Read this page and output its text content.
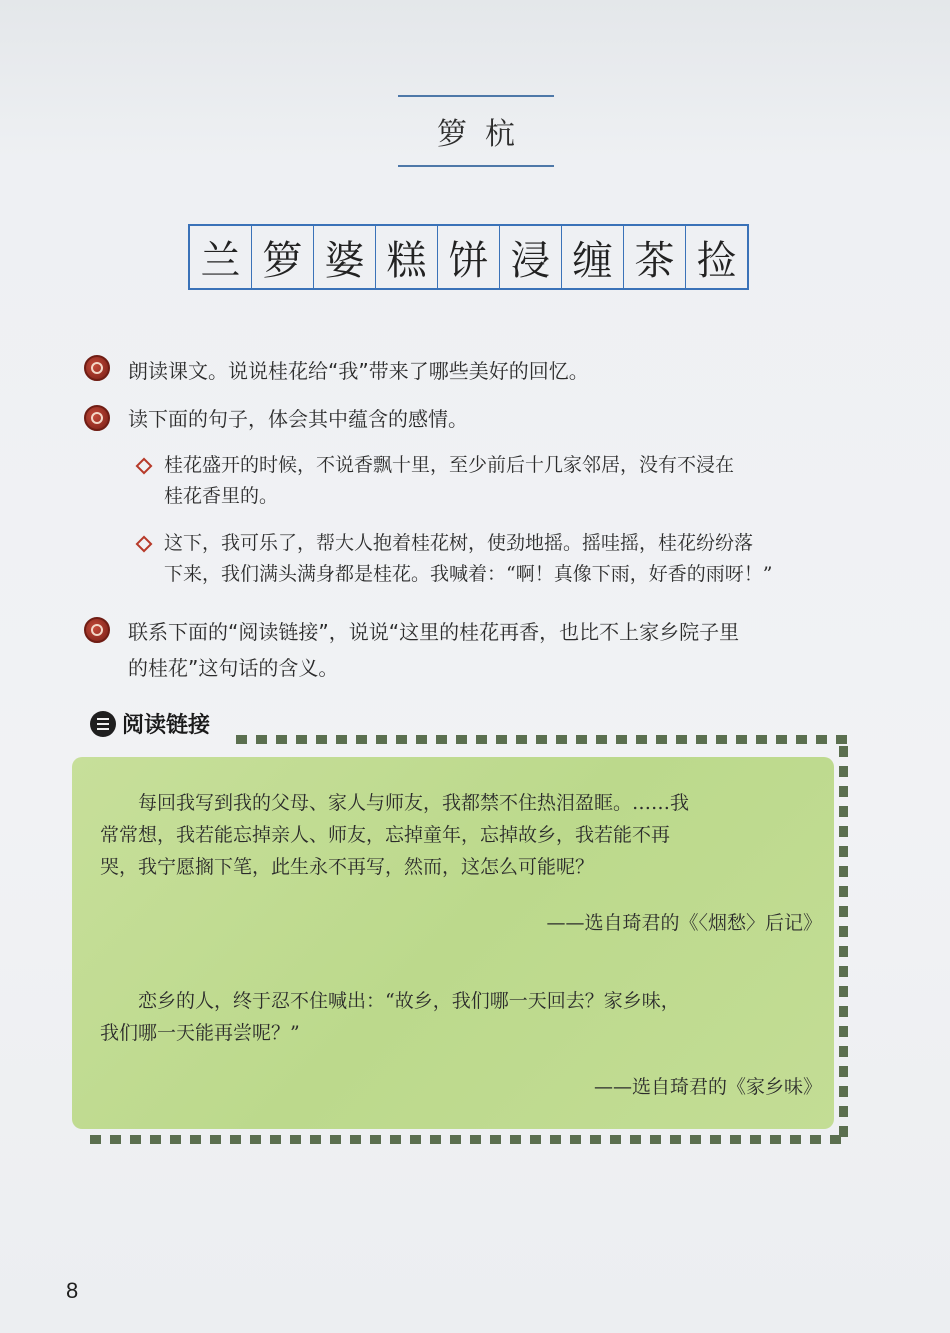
箩杭
兰 箩 婆 糕 饼 浸 缠 茶 捡
朗读课文。说说桂花给“我”带来了哪些美好的回忆。
读下面的句子，体会其中蕴含的感情。
桂花盛开的时候，不说香飘十里，至少前后十几家邻居，没有不浸在
桂花香里的。
这下，我可乐了，帮大人抱着桂花树，使劲地摇。摇哇摇，桂花纷纷落
下来，我们满头满身都是桂花。我喊着：“啊！真像下雨，好香的雨呀！”
联系下面的“阅读链接”，说说“这里的桂花再香，也比不上家乡院子里
的桂花”这句话的含义。
阅读链接
　　每回我写到我的父母、家人与师友，我都禁不住热泪盈眶。……我
常常想，我若能忘掉亲人、师友，忘掉童年，忘掉故乡，我若能不再
哭，我宁愿搁下笔，此生永不再写，然而，这怎么可能呢？
——选自琦君的《〈烟愁〉后记》
　　恋乡的人，终于忍不住喊出：“故乡，我们哪一天回去？家乡味，
我们哪一天能再尝呢？”
——选自琦君的《家乡味》
8
